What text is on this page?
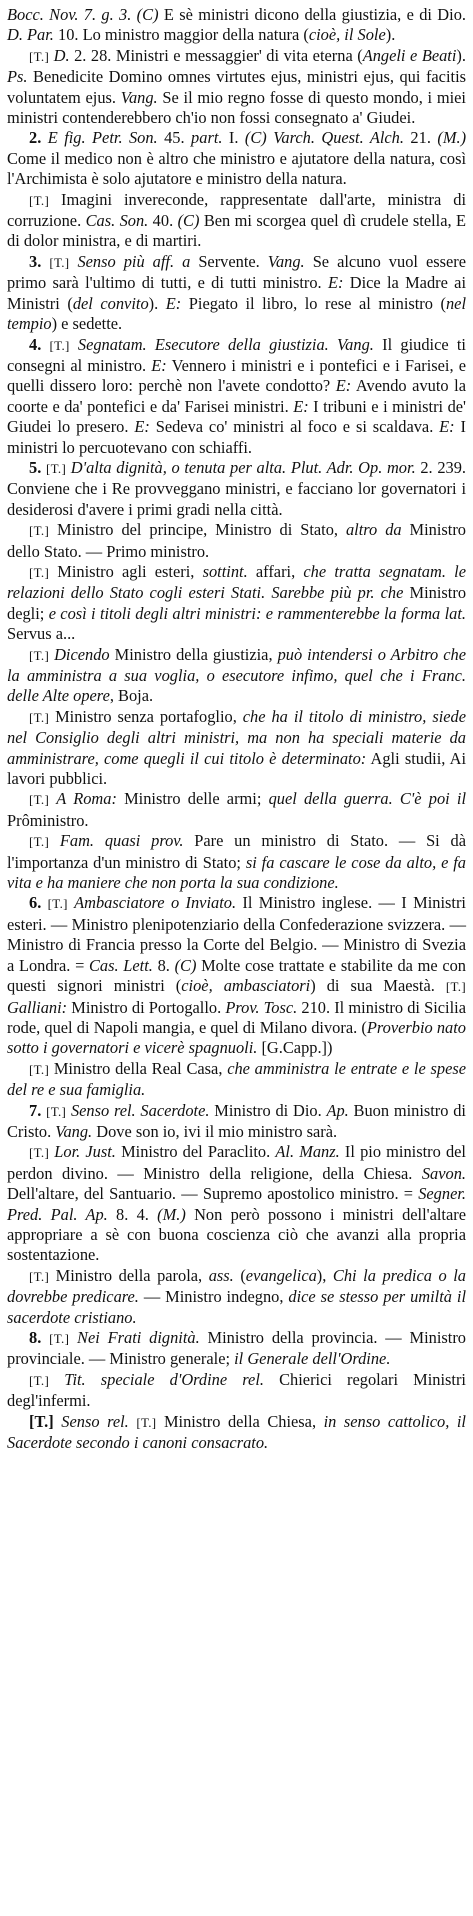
Bocc. Nov. 7. g. 3. (C) E sè ministri dicono della giustizia, e di Dio. D. Par. 10. Lo ministro maggior della natura (cioè, il Sole).

[T.] D. 2. 28. Ministri e messaggier' di vita eterna (Angeli e Beati). Ps. Benedicite Domino omnes virtutes ejus, ministri ejus, qui facitis voluntatem ejus. Vang. Se il mio regno fosse di questo mondo, i miei ministri contenderebbero ch'io non fossi consegnato a' Giudei.

2. E fig. Petr. Son. 45. part. I. (C) Varch. Quest. Alch. 21. (M.) Come il medico non è altro che ministro e ajutatore della natura, così l'Archimista è solo ajutatore e ministro della natura.

[T.] Imagini invereconde, rappresentate dall'arte, ministra di corruzione. Cas. Son. 40. (C) Ben mi scorgea quel dì crudele stella, E di dolor ministra, e di martiri.

3. [T.] Senso più aff. a Servente. Vang. Se alcuno vuol essere primo sarà l'ultimo di tutti, e di tutti ministro. E: Dice la Madre ai Ministri (del convito). E: Piegato il libro, lo rese al ministro (nel tempio) e sedette.

4. [T.] Segnatam. Esecutore della giustizia. Vang. Il giudice ti consegni al ministro. E: Vennero i ministri e i pontefici e i Farisei, e quelli dissero loro: perchè non l'avete condotto? E: Avendo avuto la coorte e da' pontefici e da' Farisei ministri. E: I tribuni e i ministri de' Giudei lo presero. E: Sedeva co' ministri al foco e si scaldava. E: I ministri lo percuotevano con schiaffi.

5. [T.] D'alta dignità, o tenuta per alta. Plut. Adr. Op. mor. 2. 239. Conviene che i Re provveggano ministri, e facciano lor governatori i desiderosi d'avere i primi gradi nella città.

[T.] Ministro del principe, Ministro di Stato, altro da Ministro dello Stato. — Primo ministro.

[T.] Ministro agli esteri, sottint. affari, che tratta segnatam. le relazioni dello Stato cogli esteri Stati. Sarebbe più pr. che Ministro degli; e così i titoli degli altri ministri: e rammenterebbe la forma lat. Servus a...

[T.] Dicendo Ministro della giustizia, può intendersi o Arbitro che la amministra a sua voglia, o esecutore infimo, quel che i Franc. delle Alte opere, Boja.

[T.] Ministro senza portafoglio, che ha il titolo di ministro, siede nel Consiglio degli altri ministri, ma non ha speciali materie da amministrare, come quegli il cui titolo è determinato: Agli studii, Ai lavori pubblici.

[T.] A Roma: Ministro delle armi; quel della guerra. C'è poi il Prôministro.

[T.] Fam. quasi prov. Pare un ministro di Stato. — Si dà l'importanza d'un ministro di Stato; si fa cascare le cose da alto, e fa vita e ha maniere che non porta la sua condizione.

6. [T.] Ambasciatore o Inviato. Il Ministro inglese. — I Ministri esteri. — Ministro plenipotenziario della Confederazione svizzera. — Ministro di Francia presso la Corte del Belgio. — Ministro di Svezia a Londra. = Cas. Lett. 8. (C) Molte cose trattate e stabilite da me con questi signori ministri (cioè, ambasciatori) di sua Maestà. [T.] Galliani: Ministro di Portogallo. Prov. Tosc. 210. Il ministro di Sicilia rode, quel di Napoli mangia, e quel di Milano divora. (Proverbio nato sotto i governatori e vicerè spagnuoli. [G.Capp.])

[T.] Ministro della Real Casa, che amministra le entrate e le spese del re e sua famiglia.

7. [T.] Senso rel. Sacerdote. Ministro di Dio. Ap. Buon ministro di Cristo. Vang. Dove son io, ivi il mio ministro sarà.

[T.] Lor. Just. Ministro del Paraclito. Al. Manz. Il pio ministro del perdon divino. — Ministro della religione, della Chiesa. Savon. Dell'altare, del Santuario. — Supremo apostolico ministro. = Segner. Pred. Pal. Ap. 8. 4. (M.) Non però possono i ministri dell'altare appropriare a sè con buona coscienza ciò che avanzi alla propria sostentazione.

[T.] Ministro della parola, ass. (evangelica), Chi la predica o la dovrebbe predicare. — Ministro indegno, dice se stesso per umiltà il sacerdote cristiano.

8. [T.] Nei Frati dignità. Ministro della provincia. — Ministro provinciale. — Ministro generale; il Generale dell'Ordine.

[T.] Tit. speciale d'Ordine rel. Chierici regolari Ministri degl'infermi.

[T.] Senso rel. [T.] Ministro della Chiesa, in senso cattolico, il Sacerdote secondo i canoni consacrato.
